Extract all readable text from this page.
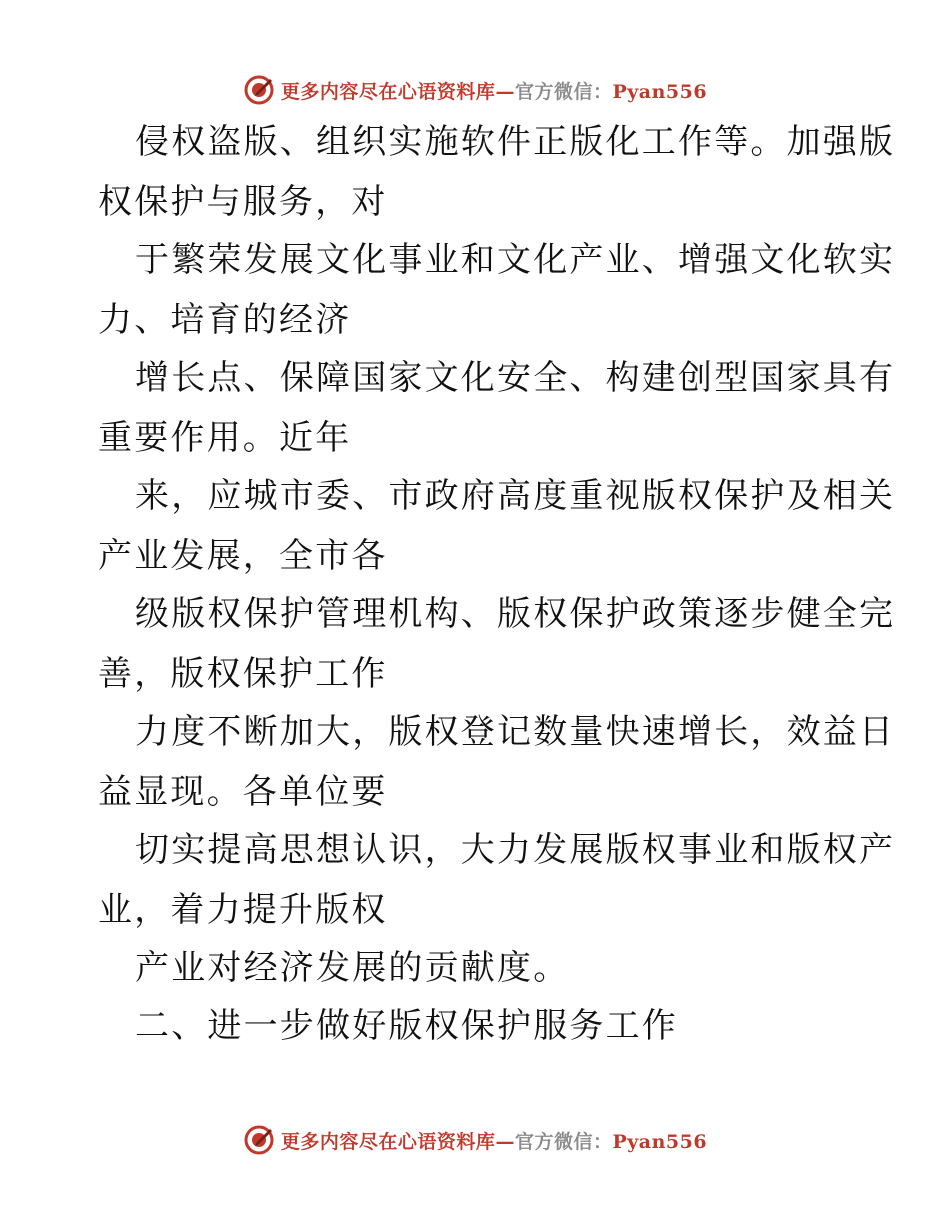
更多内容尽在心语资料库—官方微信：Pyan556
侵权盗版、组织实施软件正版化工作等。加强版
权保护与服务，对
于繁荣发展文化事业和文化产业、增强文化软实
力、培育的经济
增长点、保障国家文化安全、构建创型国家具有
重要作用。近年
来，应城市委、市政府高度重视版权保护及相关
产业发展，全市各
级版权保护管理机构、版权保护政策逐步健全完
善，版权保护工作
力度不断加大，版权登记数量快速增长，效益日
益显现。各单位要
切实提高思想认识，大力发展版权事业和版权产
业，着力提升版权
产业对经济发展的贡献度。
二、进一步做好版权保护服务工作
更多内容尽在心语资料库—官方微信：Pyan556
